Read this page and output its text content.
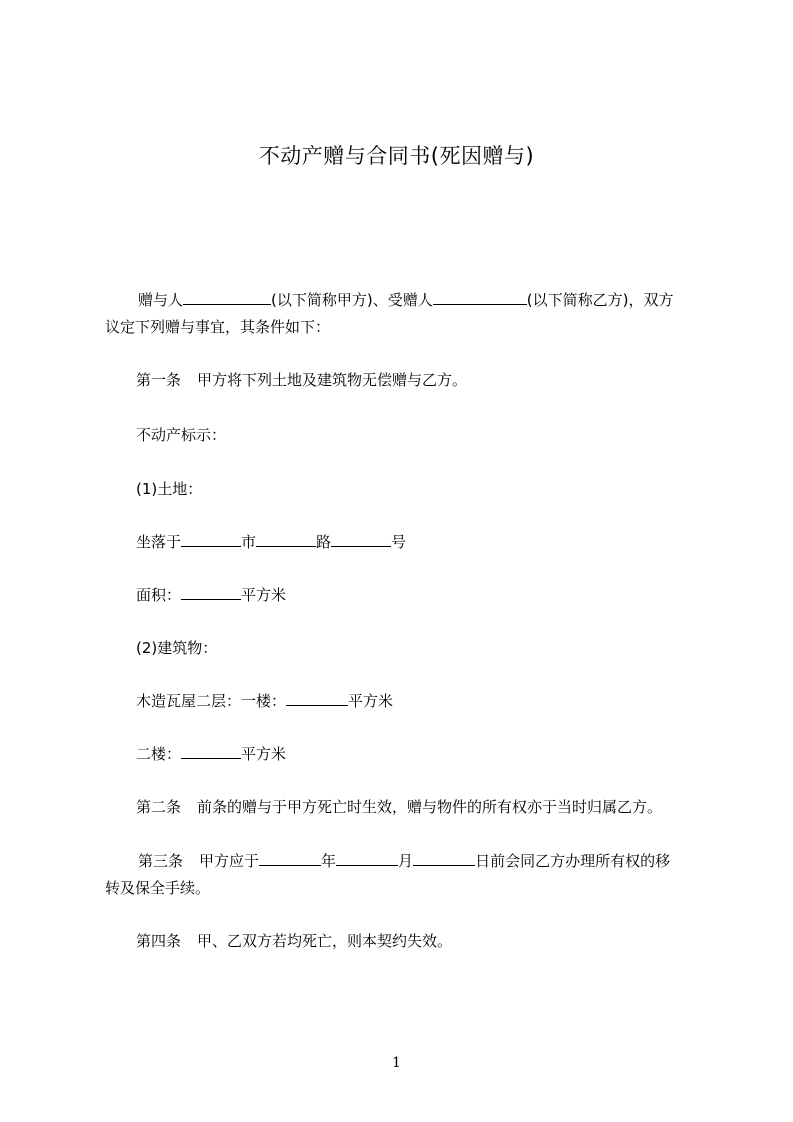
不动产赠与合同书(死因赠与)
赠与人	(以下简称甲方)、受赠人	(以下简称乙方)，双方
议定下列赠与事宜，其条件如下：
第一条 甲方将下列土地及建筑物无偿赠与乙方。
不动产标示：
(1)土地：
坐落于	市	路	号
面积：	平方米
(2)建筑物：
木造瓦屋二层：一楼：	平方米
二楼：	平方米
第二条 前条的赠与于甲方死亡时生效，赠与物件的所有权亦于当时归属乙方。
第三条 甲方应于	年	月	日前会同乙方办理所有权的移
转及保全手续。
第四条 甲、乙双方若均死亡，则本契约失效。
1
